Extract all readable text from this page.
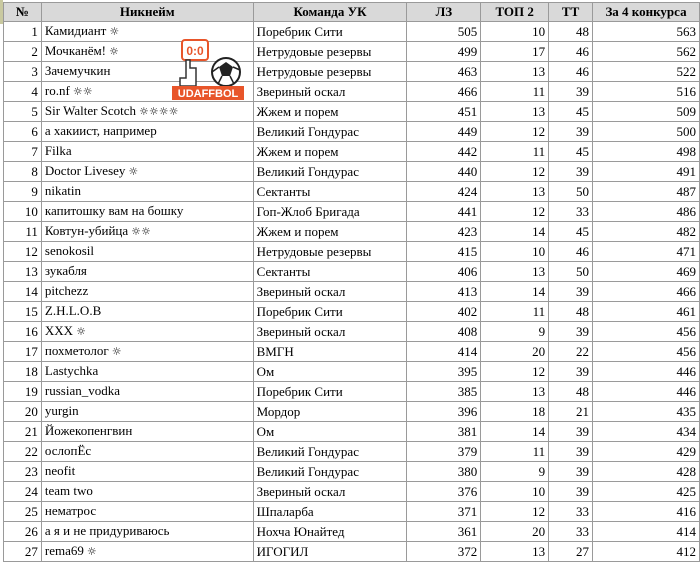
№	Никнейм	Команда УК	ЛЗ	ТОП 2	ТТ	За 4 конкурса
1	Камидиант ☼	Поребрик Сити	505	10	48	563
2	Мочканём! ☼	Нетрудовые резервы	499	17	46	562
3	Зачемучкин	Нетрудовые резервы	463	13	46	522
4	ro.nf ☼☼	Звериный оскал	466	11	39	516
5	Sir Walter Scotch ☼☼☼☼	Жжем и порем	451	13	45	509
6	а хакиист, например	Великий Гондурас	449	12	39	500
7	Filka	Жжем и порем	442	11	45	498
8	Doctor Livesey ☼	Великий Гондурас	440	12	39	491
9	nikatin	Сектанты	424	13	50	487
10	капитошку вам на бошку	Гоп-Жлоб Бригада	441	12	33	486
11	Ковтун-убийца ☼☼	Жжем и порем	423	14	45	482
12	senokosil	Нетрудовые резервы	415	10	46	471
13	зукабля	Сектанты	406	13	50	469
14	pitchezz	Звериный оскал	413	14	39	466
15	Z.H.L.O.B	Поребрик Сити	402	11	48	461
16	XXX ☼	Звериный оскал	408	9	39	456
17	похметолог ☼	ВМГН	414	20	22	456
18	Lastychka	Ом	395	12	39	446
19	russian_vodka	Поребрик Сити	385	13	48	446
20	yurgin	Мордор	396	18	21	435
21	Йожекопенгвин	Ом	381	14	39	434
22	ослопЁс	Великий Гондурас	379	11	39	429
23	neofit	Великий Гондурас	380	9	39	428
24	team two	Звериный оскал	376	10	39	425
25	нематрос	Шпаларба	371	12	33	416
26	а я и не придуриваюсь	Нохча Юнайтед	361	20	33	414
27	rema69 ☼	ИГОГИЛ	372	13	27	412
0:0
UDAFFBOL
